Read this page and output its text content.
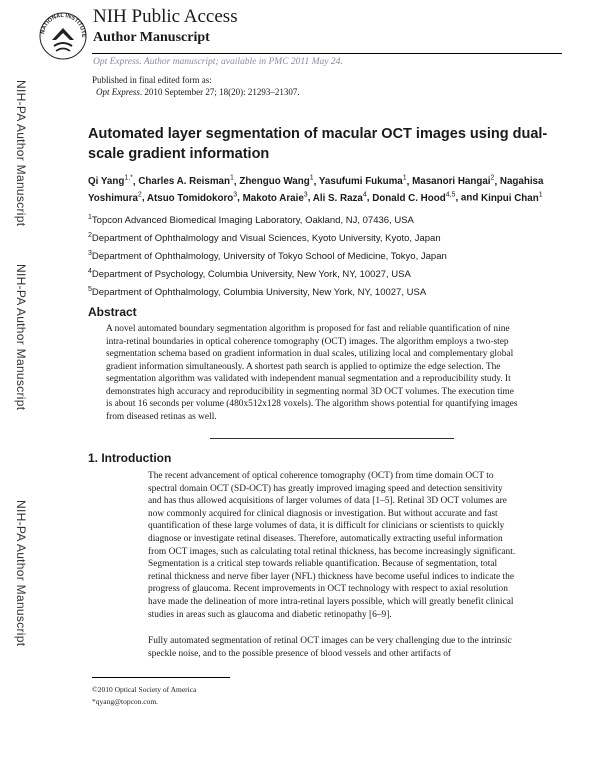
NATIONAL INSTITUTE
NIH Public Access
Author Manuscript
Opt Express. Author manuscript; available in PMC 2011 May 24.
Published in final edited form as:
Opt Express. 2010 September 27; 18(20): 21293–21307.
NIH-PA Author Manuscript
NIH-PA Author Manuscript
NIH-PA Author Manuscript
Automated layer segmentation of macular OCT images using dual-scale gradient information
Qi Yang$^{1,*}$, Charles A. Reisman$^1$, Zhenguo Wang$^1$, Yasufumi Fukuma$^1$, Masanori Hangai$^2$, Nagahisa Yoshimura$^2$, Atsuo Tomidokoro$^3$, Makoto Araie$^3$, Ali S. Raza$^4$, Donald C. Hood$^{4,5}$, and Kinpui Chan$^1$
$^1$Topcon Advanced Biomedical Imaging Laboratory, Oakland, NJ, 07436, USA
$^2$Department of Ophthalmology and Visual Sciences, Kyoto University, Kyoto, Japan
$^3$Department of Ophthalmology, University of Tokyo School of Medicine, Tokyo, Japan
$^4$Department of Psychology, Columbia University, New York, NY, 10027, USA
$^5$Department of Ophthalmology, Columbia University, New York, NY, 10027, USA
Abstract
A novel automated boundary segmentation algorithm is proposed for fast and reliable quantification of nine intra-retinal boundaries in optical coherence tomography (OCT) images. The algorithm employs a two-step segmentation schema based on gradient information in dual scales, utilizing local and complementary global gradient information simultaneously. A shortest path search is applied to optimize the edge selection. The segmentation algorithm was validated with independent manual segmentation and a reproducibility study. It demonstrates high accuracy and reproducibility in segmenting normal 3D OCT volumes. The execution time is about 16 seconds per volume (480x512x128 voxels). The algorithm shows potential for quantifying images from diseased retinas as well.
1. Introduction
The recent advancement of optical coherence tomography (OCT) from time domain OCT to spectral domain OCT (SD-OCT) has greatly improved imaging speed and detection sensitivity and has thus allowed acquisitions of larger volumes of data [1–5]. Retinal 3D OCT volumes are now commonly acquired for clinical diagnosis or investigation. But without accurate and fast quantification of these large volumes of data, it is difficult for clinicians or scientists to quickly diagnose or investigate retinal diseases. Therefore, automatically extracting useful information from OCT images, such as calculating total retinal thickness, has become increasingly significant. Segmentation is a critical step towards reliable quantification. Because of segmentation, total retinal thickness and nerve fiber layer (NFL) thickness have become useful indices to indicate the progress of glaucoma. Recent improvements in OCT technology with respect to axial resolution have made the delineation of more intra-retinal layers possible, which will greatly benefit clinical studies in areas such as glaucoma and diabetic retinopathy [6–9].
Fully automated segmentation of retinal OCT images can be very challenging due to the intrinsic speckle noise, and to the possible presence of blood vessels and other artifacts of
©2010 Optical Society of America
*qyang@topcon.com.
